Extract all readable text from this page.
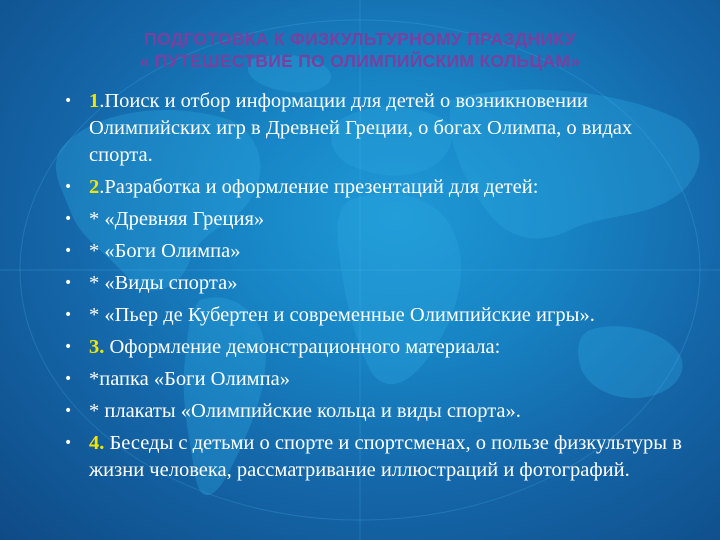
ПОДГОТОВКА К ФИЗКУЛЬТУРНОМУ ПРАЗДНИКУ
« ПУТЕШЕСТВИЕ ПО ОЛИМПИЙСКИМ КОЛЬЦАМ»
• 1.Поиск и отбор информации для детей о возникновении Олимпийских игр в Древней Греции, о богах Олимпа, о видах спорта.
• 2.Разработка и оформление презентаций для детей:
• * «Древняя Греция»
• * «Боги Олимпа»
• * «Виды спорта»
• * «Пьер де Кубертен и современные Олимпийские игры».
• 3. Оформление демонстрационного материала:
• *папка «Боги Олимпа»
• * плакаты «Олимпийские кольца и виды спорта».
• 4. Беседы с детьми о спорте и спортсменах, о пользе физкультуры в жизни человека, рассматривание иллюстраций и фотографий.
